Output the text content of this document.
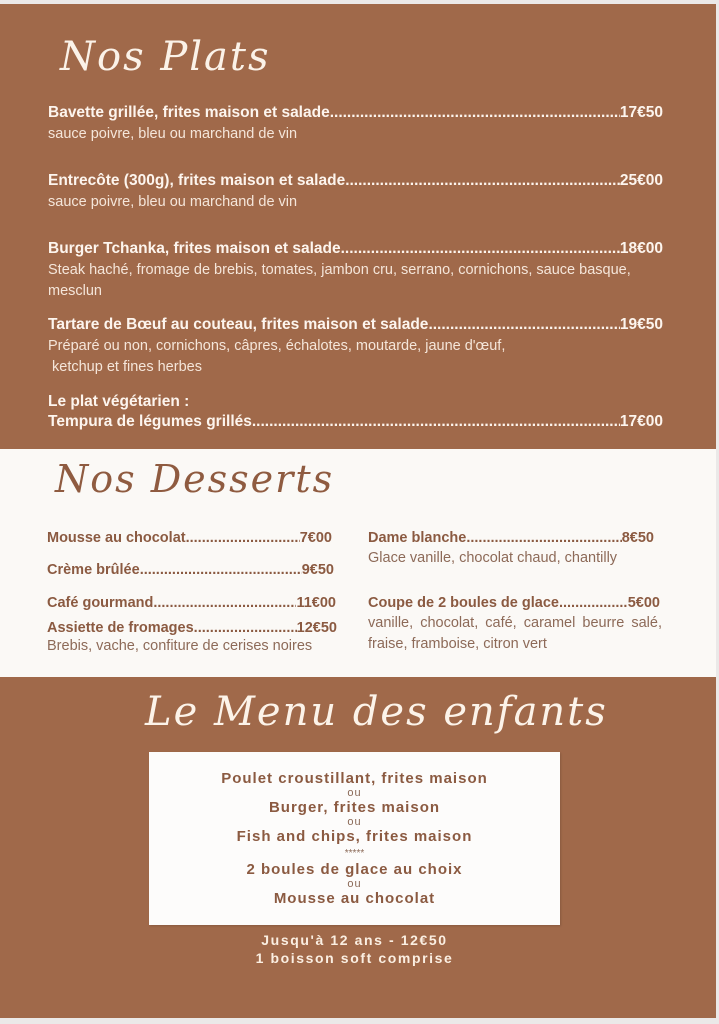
Nos Plats
Bavette grillée, frites maison et salade .....	17€50
sauce poivre, bleu ou marchand de vin
Entrecôte (300g), frites maison et salade .....	25€00
sauce poivre, bleu ou marchand de vin
Burger Tchanka, frites maison et salade .....	18€00
Steak haché, fromage de brebis, tomates, jambon cru, serrano, cornichons, sauce basque, mesclun
Tartare de Bœuf au couteau, frites maison et salade .....	19€50
Préparé ou non, cornichons, câpres, échalotes, moutarde, jaune d'œuf,
ketchup et fines herbes
Le plat végétarien :
Tempura de légumes grillés .....	17€00
Nos Desserts
Mousse au chocolat .....	7€00
Crème brûlée .....	9€50
Café gourmand .....	11€00
Assiette de fromages .....	12€50
Brebis, vache, confiture de cerises noires
Dame blanche .....	8€50
Glace vanille, chocolat chaud, chantilly
Coupe de 2 boules de glace .....	5€00
vanille, chocolat, café, caramel beurre salé, fraise, framboise, citron vert
Le Menu des enfants
Poulet croustillant, frites maison
ou
Burger, frites maison
ou
Fish and chips, frites maison
*****
2 boules de glace au choix
ou
Mousse au chocolat
Jusqu'à 12 ans - 12€50
1 boisson soft comprise
